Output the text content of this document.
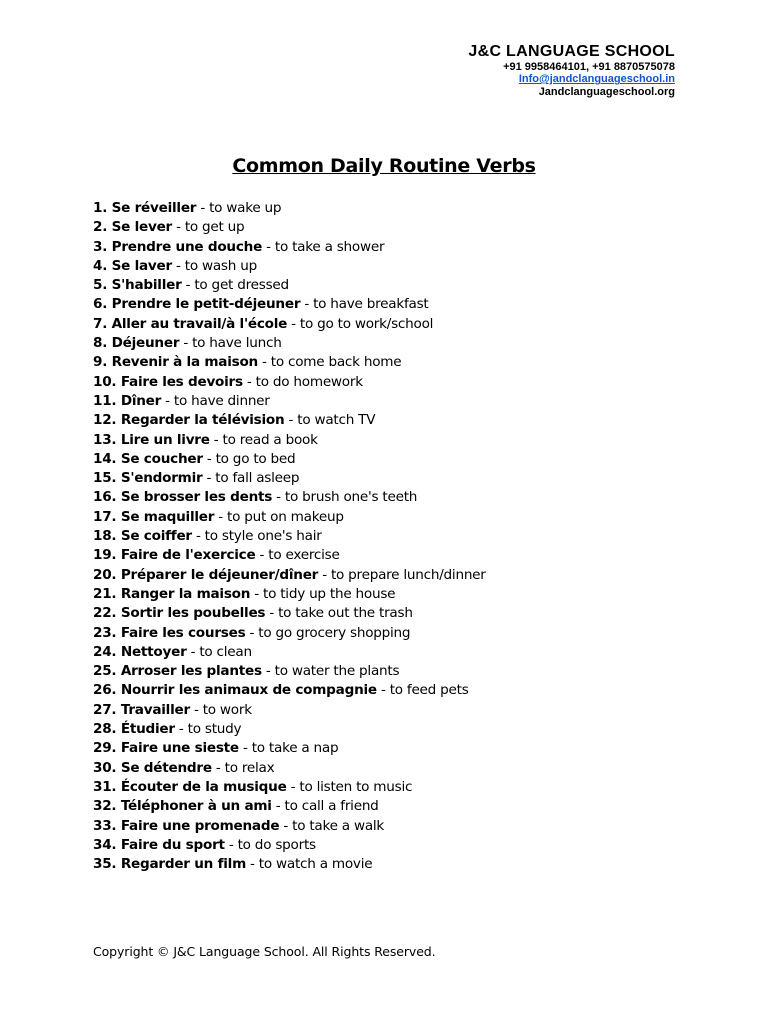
J&C LANGUAGE SCHOOL
+91 9958464101, +91 8870575078
Info@jandclanguageschool.in
Jandclanguageschool.org
Common Daily Routine Verbs
1. Se réveiller - to wake up
2. Se lever - to get up
3. Prendre une douche - to take a shower
4. Se laver - to wash up
5. S'habiller - to get dressed
6. Prendre le petit-déjeuner - to have breakfast
7. Aller au travail/à l'école - to go to work/school
8. Déjeuner - to have lunch
9. Revenir à la maison - to come back home
10. Faire les devoirs - to do homework
11. Dîner - to have dinner
12. Regarder la télévision - to watch TV
13. Lire un livre - to read a book
14. Se coucher - to go to bed
15. S'endormir - to fall asleep
16. Se brosser les dents - to brush one's teeth
17. Se maquiller - to put on makeup
18. Se coiffer - to style one's hair
19. Faire de l'exercice - to exercise
20. Préparer le déjeuner/dîner - to prepare lunch/dinner
21. Ranger la maison - to tidy up the house
22. Sortir les poubelles - to take out the trash
23. Faire les courses - to go grocery shopping
24. Nettoyer - to clean
25. Arroser les plantes - to water the plants
26. Nourrir les animaux de compagnie - to feed pets
27. Travailler - to work
28. Étudier - to study
29. Faire une sieste - to take a nap
30. Se détendre - to relax
31. Écouter de la musique - to listen to music
32. Téléphoner à un ami - to call a friend
33. Faire une promenade - to take a walk
34. Faire du sport - to do sports
35. Regarder un film - to watch a movie
Copyright © J&C Language School. All Rights Reserved.
